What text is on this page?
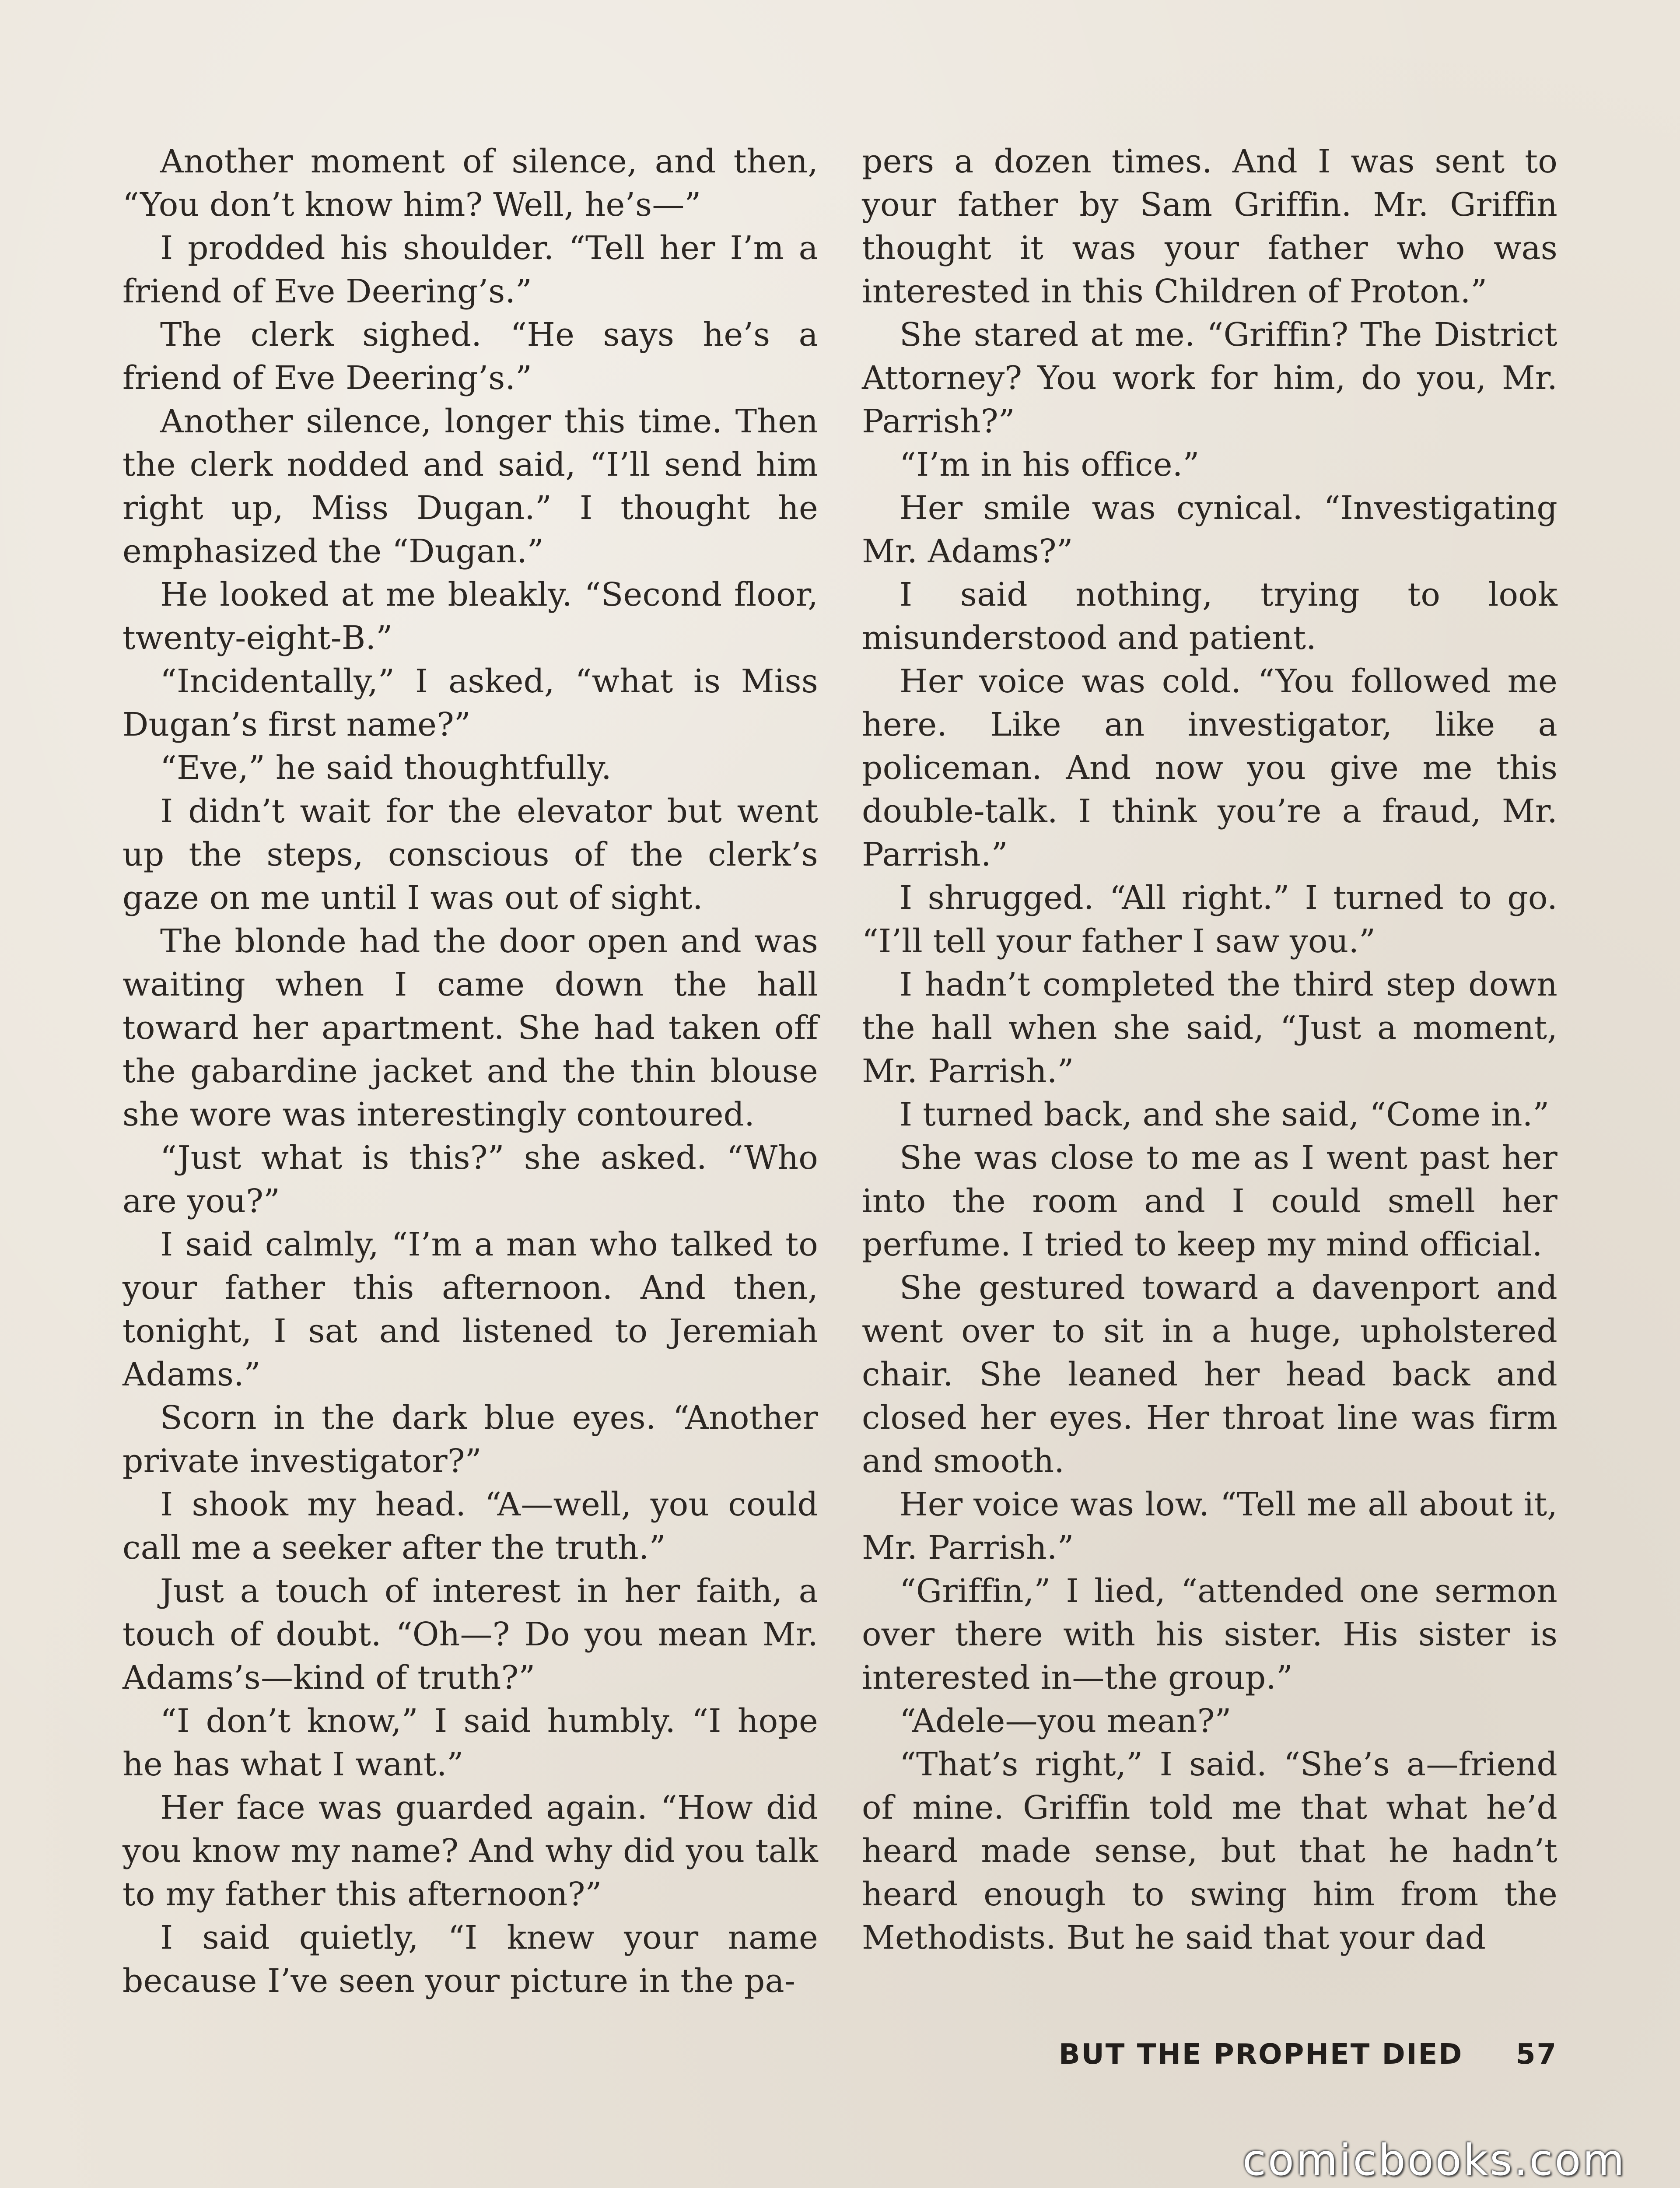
Another moment of silence, and then, “You don’t know him? Well, he’s—”

I prodded his shoulder. “Tell her I’m a friend of Eve Deering’s.”

The clerk sighed. “He says he’s a friend of Eve Deering’s.”

Another silence, longer this time. Then the clerk nodded and said, “I’ll send him right up, Miss Dugan.” I thought he emphasized the “Dugan.”

He looked at me bleakly. “Second floor, twenty-eight-B.”

“Incidentally,” I asked, “what is Miss Dugan’s first name?”

“Eve,” he said thoughtfully.

I didn’t wait for the elevator but went up the steps, conscious of the clerk’s gaze on me until I was out of sight.

The blonde had the door open and was waiting when I came down the hall toward her apartment. She had taken off the gabardine jacket and the thin blouse she wore was interestingly contoured.

“Just what is this?” she asked. “Who are you?”

I said calmly, “I’m a man who talked to your father this afternoon. And then, tonight, I sat and listened to Jeremiah Adams.”

Scorn in the dark blue eyes. “Another private investigator?”

I shook my head. “A—well, you could call me a seeker after the truth.”

Just a touch of interest in her faith, a touch of doubt. “Oh—? Do you mean Mr. Adams’s—kind of truth?”

“I don’t know,” I said humbly. “I hope he has what I want.”

Her face was guarded again. “How did you know my name? And why did you talk to my father this afternoon?”

I said quietly, “I knew your name because I’ve seen your picture in the pa-

pers a dozen times. And I was sent to your father by Sam Griffin. Mr. Griffin thought it was your father who was interested in this Children of Proton.”

She stared at me. “Griffin? The District Attorney? You work for him, do you, Mr. Parrish?”

“I’m in his office.”

Her smile was cynical. “Investigating Mr. Adams?”

I said nothing, trying to look misunderstood and patient.

Her voice was cold. “You followed me here. Like an investigator, like a policeman. And now you give me this double-talk. I think you’re a fraud, Mr. Parrish.”

I shrugged. “All right.” I turned to go. “I’ll tell your father I saw you.”

I hadn’t completed the third step down the hall when she said, “Just a moment, Mr. Parrish.”

I turned back, and she said, “Come in.”

She was close to me as I went past her into the room and I could smell her perfume. I tried to keep my mind official.

She gestured toward a davenport and went over to sit in a huge, upholstered chair. She leaned her head back and closed her eyes. Her throat line was firm and smooth.

Her voice was low. “Tell me all about it, Mr. Parrish.”

“Griffin,” I lied, “attended one sermon over there with his sister. His sister is interested in—the group.”

“Adele—you mean?”

“That’s right,” I said. “She’s a—friend of mine. Griffin told me that what he’d heard made sense, but that he hadn’t heard enough to swing him from the Methodists. But he said that your dad

BUT THE PROPHET DIED 57
comicbooks.com
